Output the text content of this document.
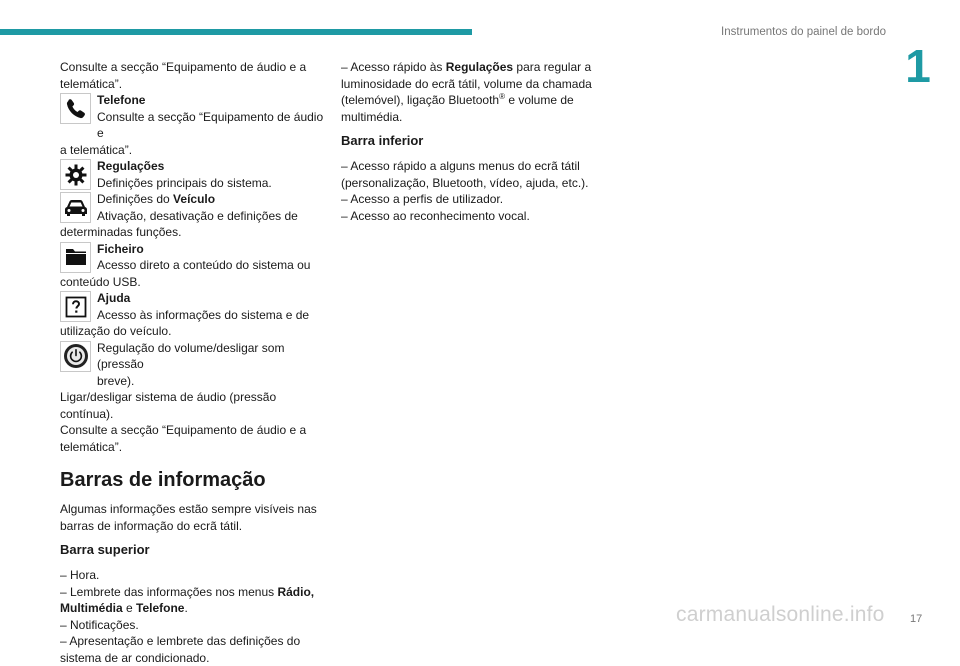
Instrumentos do painel de bordo
1

Consulte a secção “Equipamento de áudio e a telemática”.

Telefone
Consulte a secção “Equipamento de áudio e
a telemática”.
Regulações
Definições principais do sistema.
Definições do Veículo
Ativação, desativação e definições de
determinadas funções.
Ficheiro
Acesso direto a conteúdo do sistema ou
conteúdo USB.
Ajuda
Acesso às informações do sistema e de
utilização do veículo.
Regulação do volume/desligar som (pressão
breve).
Ligar/desligar sistema de áudio (pressão contínua).
Consulte a secção “Equipamento de áudio e a telemática”.
Barras de informação

Algumas informações estão sempre visíveis nas barras de informação do ecrã tátil.

Barra superior
– Hora.
– Lembrete das informações nos menus Rádio, Multimédia e Telefone.
– Notificações.
– Apresentação e lembrete das definições do sistema de ar condicionado.
– Acesso rápido às Regulações para regular a luminosidade do ecrã tátil, volume da chamada (telemóvel), ligação Bluetooth® e volume de multimédia.
Barra inferior
– Acesso rápido a alguns menus do ecrã tátil (personalização, Bluetooth, vídeo, ajuda, etc.).
– Acesso a perfis de utilizador.
– Acesso ao reconhecimento vocal.
carmanualsonline.info 17
